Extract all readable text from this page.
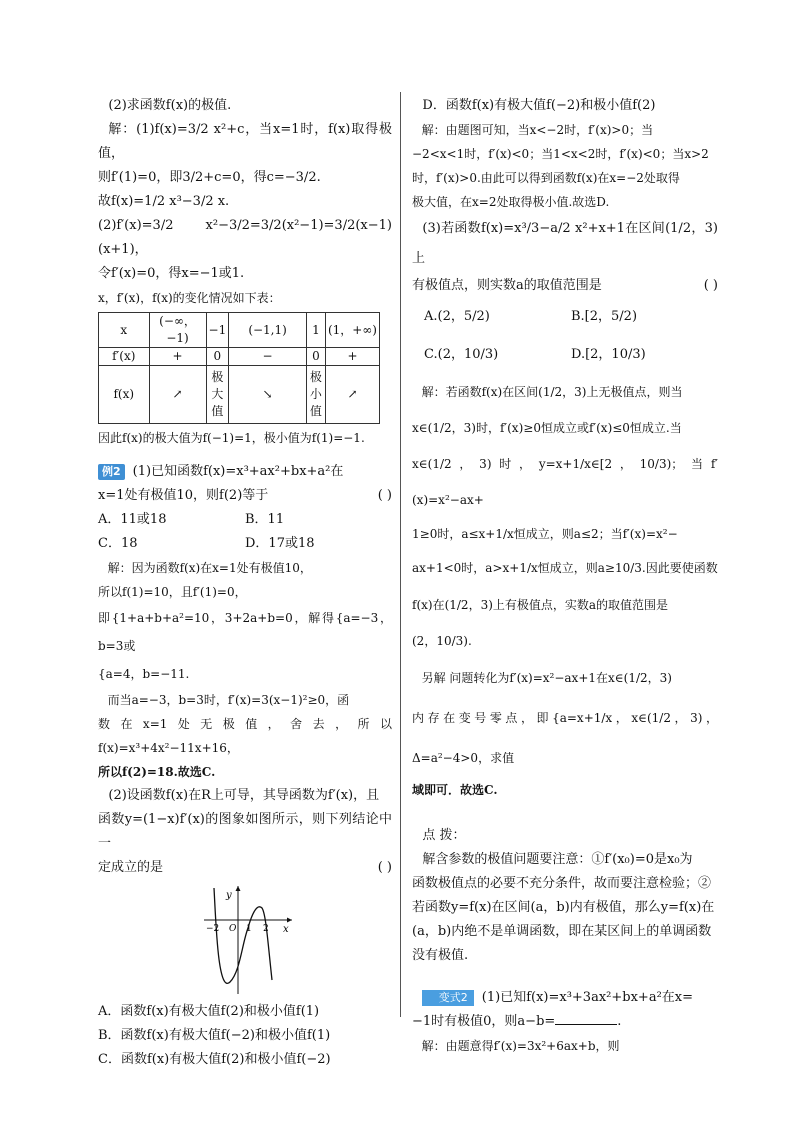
(2)求函数f(x)的极值.

解：(1)f(x)=3/2 x²+c，当x=1时，f(x)取得极值，

则f′(1)=0，即3/2+c=0，得c=−3/2.

故f(x)=1/2 x³−3/2 x.

(2)f′(x)=3/2 x²−3/2=3/2(x²−1)=3/2(x−1)(x+1)，

令f′(x)=0，得x=−1或1.

x，f′(x)，f(x)的变化情况如下表：

x	(−∞，−1)	−1	(−1,1)	1	(1，+∞)
f′(x)	+	0	−	0	+
f(x)	↗	极大值	↘	极小值	↗

因此f(x)的极大值为f(−1)=1，极小值为f(1)=−1.

例2 (1)已知函数f(x)=x³+ax²+bx+a²在

x=1处有极值10，则f(2)等于	( )

A．11或18	B．11
C．18	D．17或18

解：因为函数f(x)在x=1处有极值10，

所以f(1)=10，且f′(1)=0，

即{1+a+b+a²=10，3+2a+b=0，解得{a=−3，b=3或

{a=4，b=−11.

而当a=−3，b=3时，f′(x)=3(x−1)²≥0，函

数在x=1处无极值，舍去，所以f(x)=x³+4x²−11x+16，

所以f(2)=18.故选C.

(2)设函数f(x)在R上可导，其导函数为f′(x)，且

函数y=(1−x)f′(x)的图象如图所示，则下列结论中一

定成立的是	( )

y
−2 O 1 2 x

A．函数f(x)有极大值f(2)和极小值f(1)

B．函数f(x)有极大值f(−2)和极小值f(1)

C．函数f(x)有极大值f(2)和极小值f(−2)

D．函数f(x)有极大值f(−2)和极小值f(2)

解：由题图可知，当x<−2时，f′(x)>0；当

−2<x<1时，f′(x)<0；当1<x<2时，f′(x)<0；当x>2

时，f′(x)>0.由此可以得到函数f(x)在x=−2处取得

极大值，在x=2处取得极小值.故选D.

(3)若函数f(x)=x³/3−a/2 x²+x+1在区间(1/2，3)上

有极值点，则实数a的取值范围是	( )

A.(2，5/2)	B.[2，5/2)
C.(2，10/3)	D.[2，10/3)

解：若函数f(x)在区间(1/2，3)上无极值点，则当

x∈(1/2，3)时，f′(x)≥0恒成立或f′(x)≤0恒成立.当

x∈(1/2，3)时，y=x+1/x∈[2，10/3)；当f′(x)=x²−ax+

1≥0时，a≤x+1/x恒成立，则a≤2；当f′(x)=x²−

ax+1<0时，a>x+1/x恒成立，则a≥10/3.因此要使函数

f(x)在(1/2，3)上有极值点，实数a的取值范围是

(2，10/3).

另解 问题转化为f′(x)=x²−ax+1在x∈(1/2，3)

内存在变号零点，即{a=x+1/x，x∈(1/2，3)，Δ=a²−4>0，求值

域即可．故选C.

点 拨：

解含参数的极值问题要注意：①f′(x₀)=0是x₀为

函数极值点的必要不充分条件，故而要注意检验；②

若函数y=f(x)在区间(a，b)内有极值，那么y=f(x)在

(a，b)内绝不是单调函数，即在某区间上的单调函数

没有极值.

变式2 (1)已知f(x)=x³+3ax²+bx+a²在x=

−1时有极值0，则a−b=	.

解：由题意得f′(x)=3x²+6ax+b，则
